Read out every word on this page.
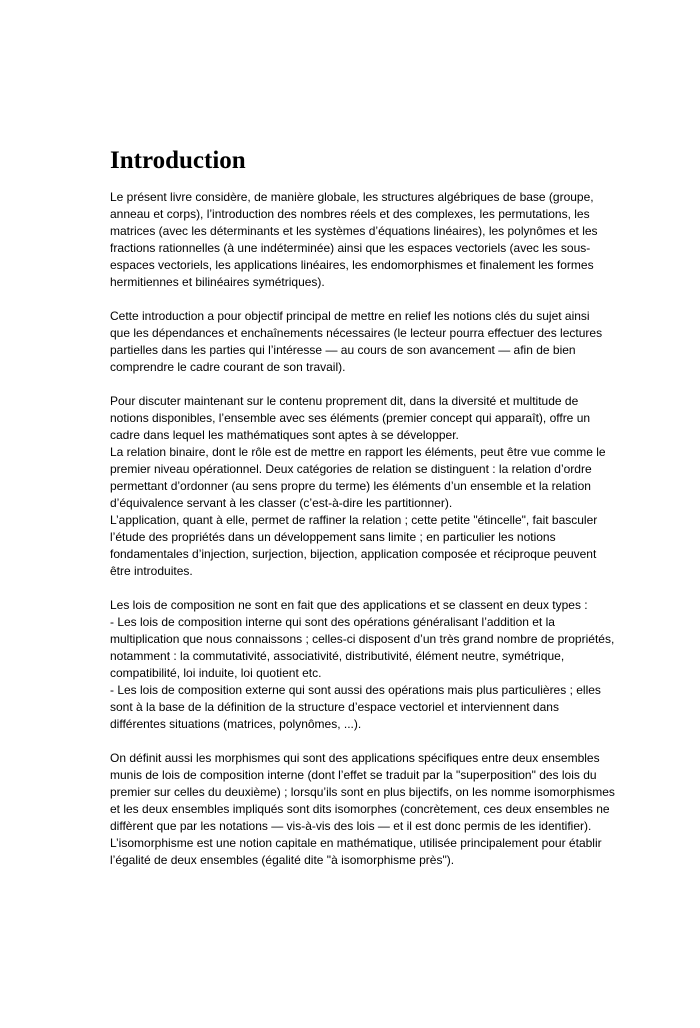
Introduction
Le présent livre considère, de manière globale, les structures algébriques de base (groupe,
anneau et corps), l’introduction des nombres réels et des complexes, les permutations, les
matrices (avec les déterminants et les systèmes d’équations linéaires), les polynômes et les
fractions rationnelles (à une indéterminée) ainsi que les espaces vectoriels (avec les sous-
espaces vectoriels, les applications linéaires, les endomorphismes et finalement les formes
hermitiennes et bilinéaires symétriques).
Cette introduction a pour objectif principal de mettre en relief les notions clés du sujet ainsi
que les dépendances et enchaînements nécessaires (le lecteur pourra effectuer des lectures
partielles dans les parties qui l’intéresse — au cours de son avancement — afin de bien
comprendre le cadre courant de son travail).
Pour discuter maintenant sur le contenu proprement dit, dans la diversité et multitude de
notions disponibles, l’ensemble avec ses éléments (premier concept qui apparaît), offre un
cadre dans lequel les mathématiques sont aptes à se développer.
La relation binaire, dont le rôle est de mettre en rapport les éléments, peut être vue comme le
premier niveau opérationnel. Deux catégories de relation se distinguent : la relation d’ordre
permettant d’ordonner (au sens propre du terme) les éléments d’un ensemble et la relation
d’équivalence servant à les classer (c’est-à-dire les partitionner).
L’application, quant à elle, permet de raffiner la relation ; cette petite "étincelle", fait basculer
l’étude des propriétés dans un développement sans limite ; en particulier les notions
fondamentales d’injection, surjection, bijection, application composée et réciproque peuvent
être introduites.
Les lois de composition ne sont en fait que des applications et se classent en deux types :
- Les lois de composition interne qui sont des opérations généralisant l’addition et la
multiplication que nous connaissons ; celles-ci disposent d’un très grand nombre de propriétés,
notamment : la commutativité, associativité, distributivité, élément neutre, symétrique,
compatibilité, loi induite, loi quotient etc.
- Les lois de composition externe qui sont aussi des opérations mais plus particulières ; elles
sont à la base de la définition de la structure d’espace vectoriel et interviennent dans
différentes situations (matrices, polynômes, ...).
On définit aussi les morphismes qui sont des applications spécifiques entre deux ensembles
munis de lois de composition interne (dont l’effet se traduit par la "superposition" des lois du
premier sur celles du deuxième) ; lorsqu’ils sont en plus bijectifs, on les nomme isomorphismes
et les deux ensembles impliqués sont dits isomorphes (concrètement, ces deux ensembles ne
diffèrent que par les notations — vis-à-vis des lois — et il est donc permis de les identifier).
L’isomorphisme est une notion capitale en mathématique, utilisée principalement pour établir
l’égalité de deux ensembles (égalité dite "à isomorphisme près").
